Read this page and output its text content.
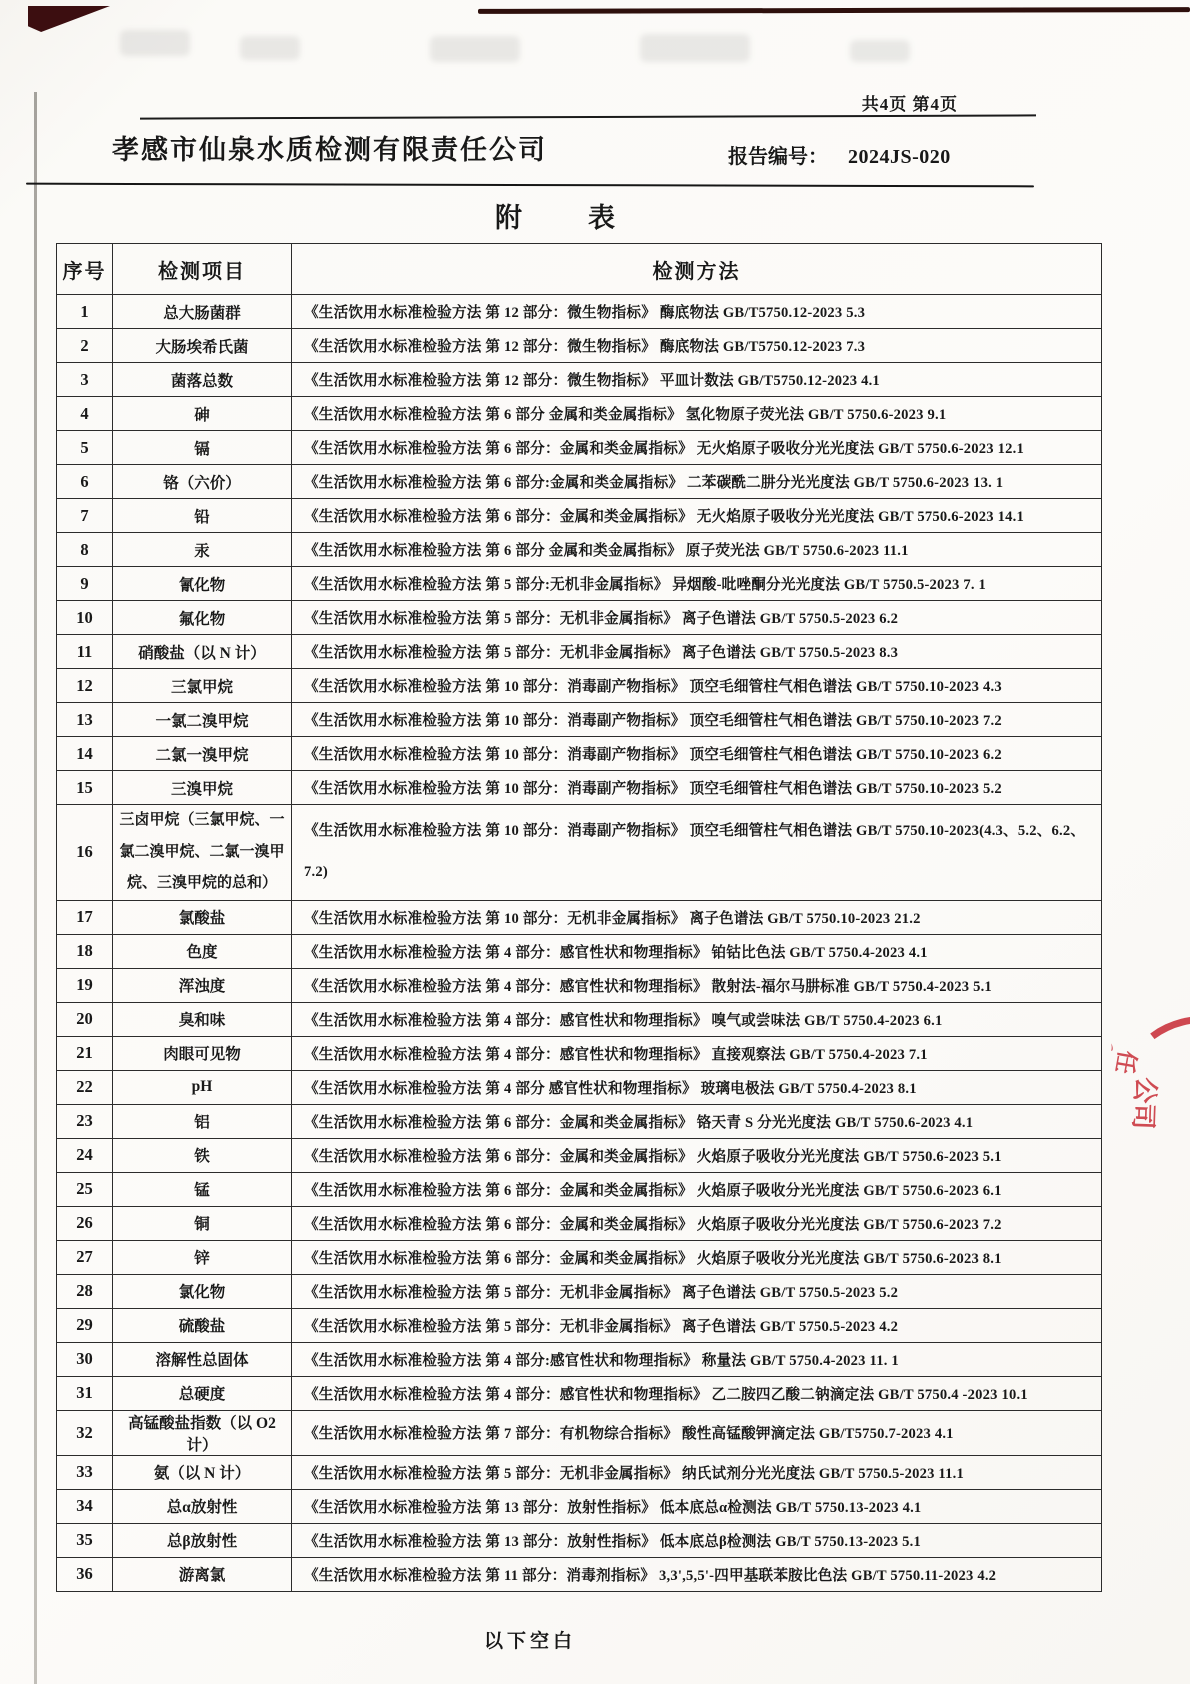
共4页 第4页
孝感市仙泉水质检测有限责任公司	报告编号： 2024JS-020
附 表
序号	检测项目	检测方法
1	总大肠菌群	《生活饮用水标准检验方法 第 12 部分：微生物指标》 酶底物法 GB/T5750.12-2023 5.3
2	大肠埃希氏菌	《生活饮用水标准检验方法 第 12 部分：微生物指标》 酶底物法 GB/T5750.12-2023 7.3
3	菌落总数	《生活饮用水标准检验方法 第 12 部分：微生物指标》 平皿计数法 GB/T5750.12-2023 4.1
4	砷	《生活饮用水标准检验方法 第 6 部分 金属和类金属指标》 氢化物原子荧光法 GB/T 5750.6-2023 9.1
5	镉	《生活饮用水标准检验方法 第 6 部分：金属和类金属指标》 无火焰原子吸收分光光度法 GB/T 5750.6-2023 12.1
6	铬（六价）	《生活饮用水标准检验方法 第 6 部分:金属和类金属指标》 二苯碳酰二肼分光光度法 GB/T 5750.6-2023 13. 1
7	铅	《生活饮用水标准检验方法 第 6 部分：金属和类金属指标》 无火焰原子吸收分光光度法 GB/T 5750.6-2023 14.1
8	汞	《生活饮用水标准检验方法 第 6 部分 金属和类金属指标》 原子荧光法 GB/T 5750.6-2023 11.1
9	氰化物	《生活饮用水标准检验方法 第 5 部分:无机非金属指标》 异烟酸-吡唑酮分光光度法 GB/T 5750.5-2023 7. 1
10	氟化物	《生活饮用水标准检验方法 第 5 部分：无机非金属指标》 离子色谱法 GB/T 5750.5-2023 6.2
11	硝酸盐（以 N 计）	《生活饮用水标准检验方法 第 5 部分：无机非金属指标》 离子色谱法 GB/T 5750.5-2023 8.3
12	三氯甲烷	《生活饮用水标准检验方法 第 10 部分：消毒副产物指标》 顶空毛细管柱气相色谱法 GB/T 5750.10-2023 4.3
13	一氯二溴甲烷	《生活饮用水标准检验方法 第 10 部分：消毒副产物指标》 顶空毛细管柱气相色谱法 GB/T 5750.10-2023 7.2
14	二氯一溴甲烷	《生活饮用水标准检验方法 第 10 部分：消毒副产物指标》 顶空毛细管柱气相色谱法 GB/T 5750.10-2023 6.2
15	三溴甲烷	《生活饮用水标准检验方法 第 10 部分：消毒副产物指标》 顶空毛细管柱气相色谱法 GB/T 5750.10-2023 5.2
16	三卤甲烷（三氯甲烷、一氯二溴甲烷、二氯一溴甲烷、三溴甲烷的总和）	《生活饮用水标准检验方法 第 10 部分：消毒副产物指标》 顶空毛细管柱气相色谱法 GB/T 5750.10-2023(4.3、5.2、6.2、7.2)
17	氯酸盐	《生活饮用水标准检验方法 第 10 部分：无机非金属指标》 离子色谱法 GB/T 5750.10-2023 21.2
18	色度	《生活饮用水标准检验方法 第 4 部分：感官性状和物理指标》 铂钴比色法 GB/T 5750.4-2023 4.1
19	浑浊度	《生活饮用水标准检验方法 第 4 部分：感官性状和物理指标》 散射法-福尔马肼标准 GB/T 5750.4-2023 5.1
20	臭和味	《生活饮用水标准检验方法 第 4 部分：感官性状和物理指标》 嗅气或尝味法 GB/T 5750.4-2023 6.1
21	肉眼可见物	《生活饮用水标准检验方法 第 4 部分：感官性状和物理指标》 直接观察法 GB/T 5750.4-2023 7.1
22	pH	《生活饮用水标准检验方法 第 4 部分 感官性状和物理指标》 玻璃电极法 GB/T 5750.4-2023 8.1
23	铝	《生活饮用水标准检验方法 第 6 部分：金属和类金属指标》 铬天青 S 分光光度法 GB/T 5750.6-2023 4.1
24	铁	《生活饮用水标准检验方法 第 6 部分：金属和类金属指标》 火焰原子吸收分光光度法 GB/T 5750.6-2023 5.1
25	锰	《生活饮用水标准检验方法 第 6 部分：金属和类金属指标》 火焰原子吸收分光光度法 GB/T 5750.6-2023 6.1
26	铜	《生活饮用水标准检验方法 第 6 部分：金属和类金属指标》 火焰原子吸收分光光度法 GB/T 5750.6-2023 7.2
27	锌	《生活饮用水标准检验方法 第 6 部分：金属和类金属指标》 火焰原子吸收分光光度法 GB/T 5750.6-2023 8.1
28	氯化物	《生活饮用水标准检验方法 第 5 部分：无机非金属指标》 离子色谱法 GB/T 5750.5-2023 5.2
29	硫酸盐	《生活饮用水标准检验方法 第 5 部分：无机非金属指标》 离子色谱法 GB/T 5750.5-2023 4.2
30	溶解性总固体	《生活饮用水标准检验方法 第 4 部分:感官性状和物理指标》 称量法 GB/T 5750.4-2023 11. 1
31	总硬度	《生活饮用水标准检验方法 第 4 部分：感官性状和物理指标》 乙二胺四乙酸二钠滴定法 GB/T 5750.4 -2023 10.1
32	高锰酸盐指数（以 O2 计）	《生活饮用水标准检验方法 第 7 部分：有机物综合指标》 酸性高锰酸钾滴定法 GB/T5750.7-2023 4.1
33	氨（以 N 计）	《生活饮用水标准检验方法 第 5 部分：无机非金属指标》 纳氏试剂分光光度法 GB/T 5750.5-2023 11.1
34	总α放射性	《生活饮用水标准检验方法 第 13 部分：放射性指标》 低本底总α检测法 GB/T 5750.13-2023 4.1
35	总β放射性	《生活饮用水标准检验方法 第 13 部分：放射性指标》 低本底总β检测法 GB/T 5750.13-2023 5.1
36	游离氯	《生活饮用水标准检验方法 第 11 部分：消毒剂指标》 3,3',5,5'-四甲基联苯胺比色法 GB/T 5750.11-2023 4.2
以下空白
丶
任
公
司
